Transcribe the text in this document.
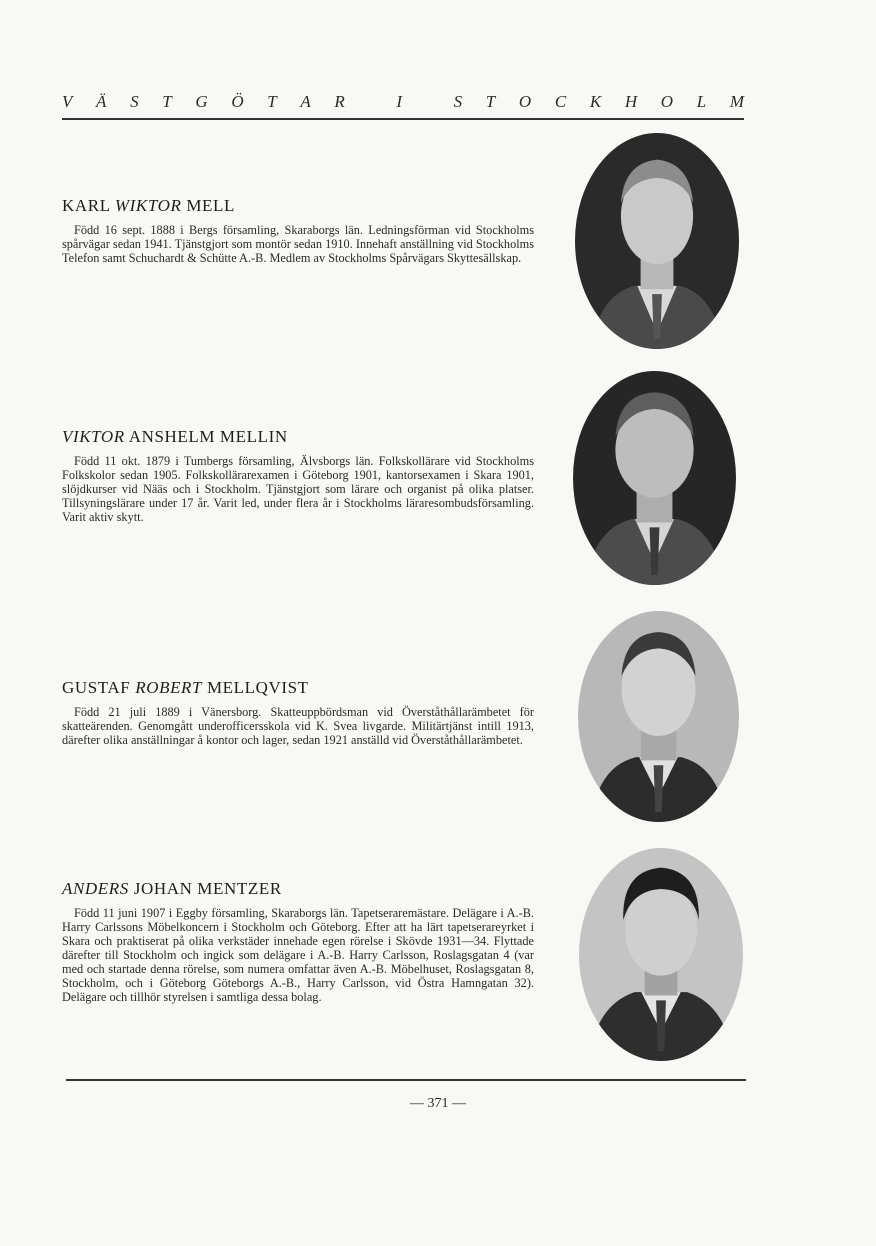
V Ä S T G Ö T A R
	I
	S T O C K H O L M
KARL WIKTOR MELL

Född 16 sept. 1888 i Bergs församling, Skaraborgs län. Ledningsförman vid Stockholms spårvägar sedan 1941. Tjänstgjort som montör sedan 1910. Innehaft anställning vid Stockholms Telefon samt Schuchardt & Schütte A.-B. Medlem av Stockholms Spårvägars Skyttesällskap.

VIKTOR ANSHELM MELLIN

Född 11 okt. 1879 i Tumbergs församling, Älvsborgs län. Folkskollärare vid Stockholms Folkskolor sedan 1905. Folkskollärarexamen i Göteborg 1901, kantorsexamen i Skara 1901, slöjdkurser vid Nääs och i Stockholm. Tjänstgjort som lärare och organist på olika platser. Tillsyningslärare under 17 år. Varit led, under flera år i Stockholms läraresombudsförsamling. Varit aktiv skytt.

GUSTAF ROBERT MELLQVIST

Född 21 juli 1889 i Vänersborg. Skatteuppbördsman vid Överståthållarämbetet för skatteärenden. Genomgått underofficersskola vid K. Svea livgarde. Militärtjänst intill 1913, därefter olika anställningar å kontor och lager, sedan 1921 anställd vid Överståthållarämbetet.

ANDERS JOHAN MENTZER

Född 11 juni 1907 i Eggby församling, Skaraborgs län. Tapetseraremästare. Delägare i A.-B. Harry Carlssons Möbelkoncern i Stockholm och Göteborg. Efter att ha lärt tapetserareyrket i Skara och praktiserat på olika verkstäder innehade egen rörelse i Skövde 1931—34. Flyttade därefter till Stockholm och ingick som delägare i A.-B. Harry Carlsson, Roslagsgatan 4 (var med och startade denna rörelse, som numera omfattar även A.-B. Möbelhuset, Roslagsgatan 8, Stockholm, och i Göteborg Göteborgs A.-B., Harry Carlsson, vid Östra Hamngatan 32). Delägare och tillhör styrelsen i samtliga dessa bolag.

— 371 —
